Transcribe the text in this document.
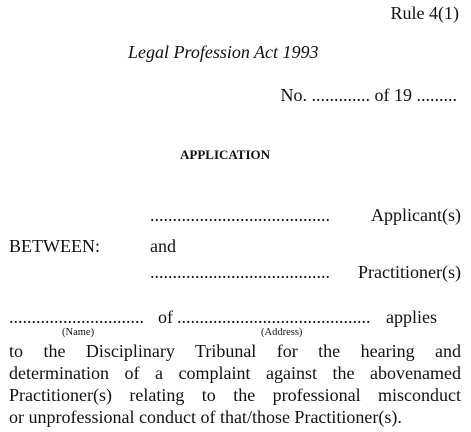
Rule 4(1)
Legal Profession Act 1993
No. ............. of 19 .........
APPLICATION
........................................ Applicant(s)
BETWEEN:	and
........................................ Practitioner(s)
.............................. of ........................................... applies
(Name)	(Address)
to the Disciplinary Tribunal for the hearing and
determination of a complaint against the abovenamed
Practitioner(s) relating to the professional misconduct
or unprofessional conduct of that/those Practitioner(s).
